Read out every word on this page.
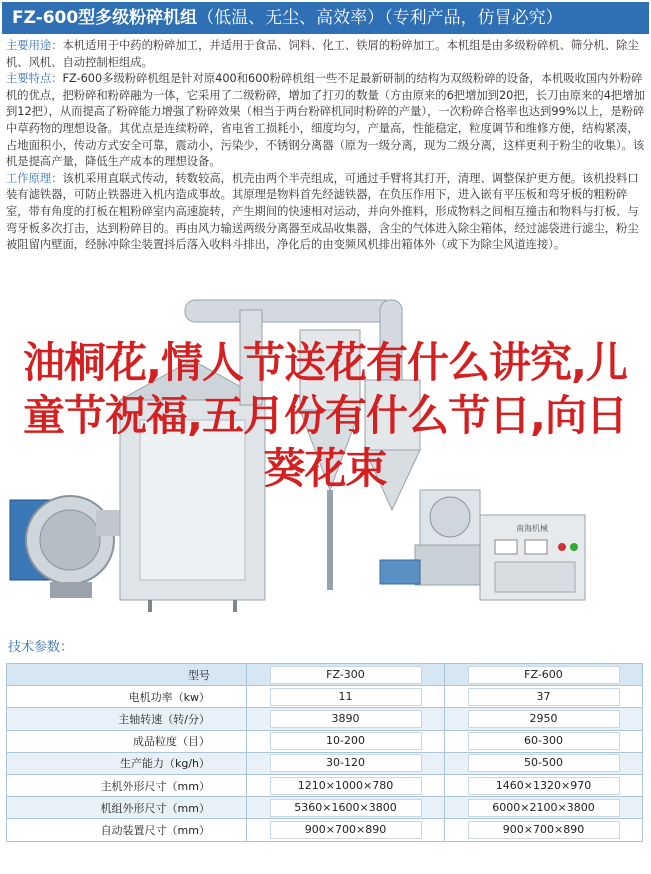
FZ-600型多级粉碎机组（低温、无尘、高效率）（专利产品，仿冒必究）

主要用途：本机适用于中药的粉碎加工，并适用于食品、饲料、化工、铁屑的粉碎加工。本机组是由多级粉碎机、筛分机、除尘机、风机、自动控制柜组成。

主要特点：FZ-600多级粉碎机组是针对原400和600粉碎机组一些不足最新研制的结构为双级粉碎的设备，本机吸收国内外粉碎机的优点，把粉碎和粉碎融为一体，它采用了二级粉碎，增加了打刃的数量（方由原来的6把增加到20把，长刀由原来的4把增加到12把），从而提高了粉碎能力增强了粉碎效果（相当于两台粉碎机同时粉碎的产量），一次粉碎合格率也达到99%以上，是粉碎中草药物的理想设备。其优点是连续粉碎，省电省工损耗小，细度均匀，产量高，性能稳定，粒度调节和维修方便，结构紧凑，占地面积小，传动方式安全可靠，震动小，污染少，不锈钢分离器（原为一级分离，现为二级分离，这样更利于粉尘的收集）。该机是提高产量，降低生产成本的理想设备。

工作原理：该机采用直联式传动，转数较高，机壳由两个半壳组成，可通过手臂将其打开，清理、调整保护更方便。该机投料口装有滤铁器，可防止铁器进入机内造成事故。其原理是物料首先经滤铁器，在负压作用下，进入嵌有平压板和弯牙板的粗粉碎室，带有角度的打板在粗粉碎室内高速旋转，产生期间的快速相对运动，并向外推料，形成物料之间相互撞击和物料与打板、与弯牙板多次打击，达到粉碎目的。再由风力输送两级分离器至成品收集器，含尘的气体进入除尘箱体，经过滤袋进行滤尘，粉尘被阻留内壁面，经脉冲除尘装置抖后落入收料斗排出，净化后的由变频风机排出箱体外（或下为除尘风道连接）。

南海机械
油桐花,情人节送花有什么讲究,儿童节祝福,五月份有什么节日,向日葵花束
技术参数：
型号	FZ-300	FZ-600
电机功率（kw）	11	37
主轴转速（转/分）	3890	2950
成品粒度（目）	10-200	60-300
生产能力（kg/h）	30-120	50-500
主机外形尺寸（mm）	1210×1000×780	1460×1320×970
机组外形尺寸（mm）	5360×1600×3800	6000×2100×3800
自动装置尺寸（mm）	900×700×890	900×700×890
